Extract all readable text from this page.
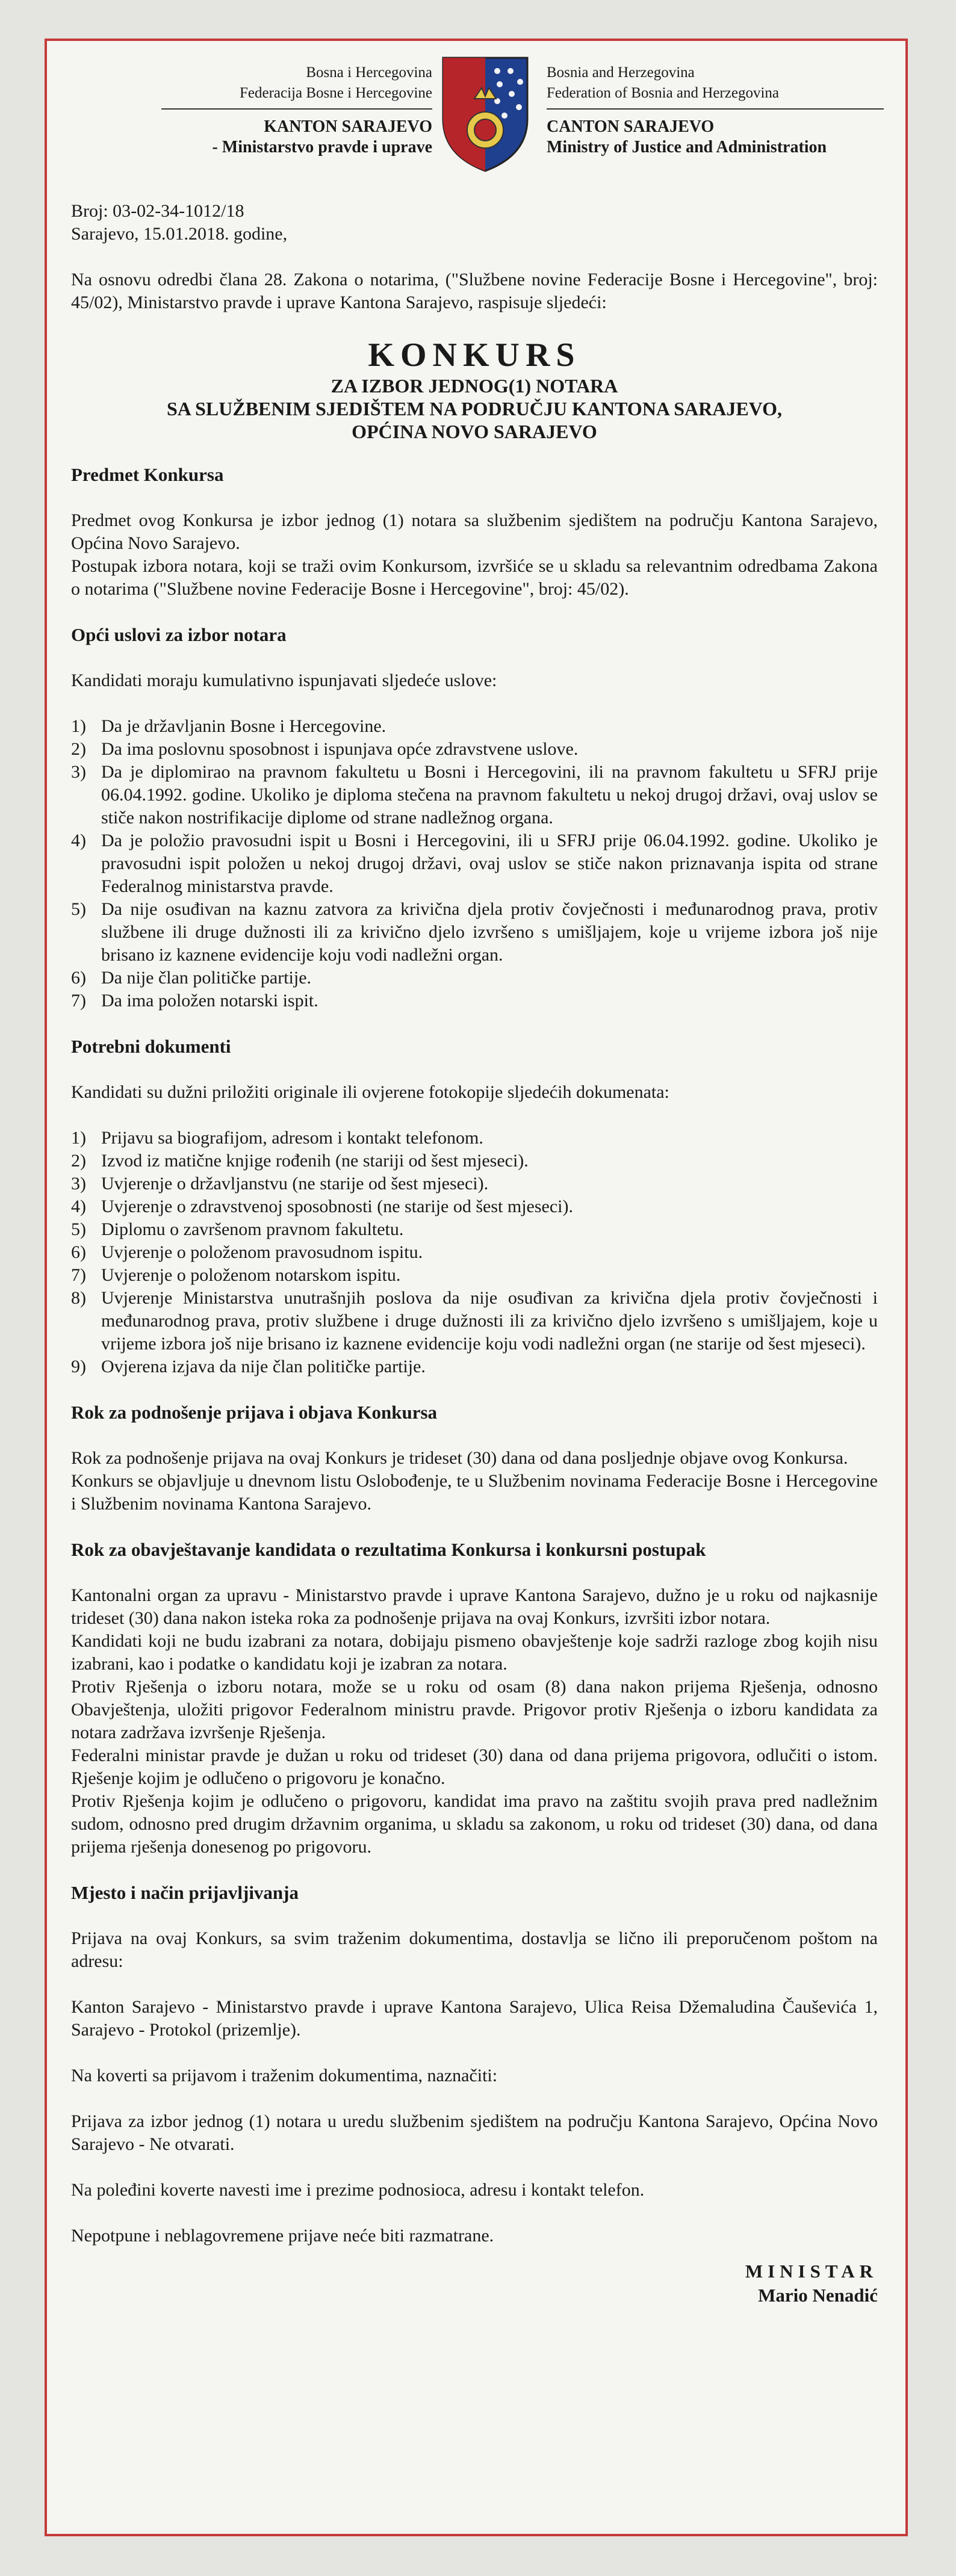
Bosna i Hercegovina
Federacija Bosne i Hercegovine
KANTON SARAJEVO
- Ministarstvo pravde i uprave
Bosnia and Herzegovina
Federation of Bosnia and Herzegovina
CANTON SARAJEVO
Ministry of Justice and Administration

Broj: 03-02-34-1012/18

Sarajevo, 15.01.2018. godine,

Na osnovu odredbi člana 28. Zakona o notarima, ("Službene novine Federacije Bosne i Hercegovine", broj: 45/02), Ministarstvo pravde i uprave Kantona Sarajevo, raspisuje sljedeći:

KONKURS
ZA IZBOR JEDNOG(1) NOTARA
SA SLUŽBENIM SJEDIŠTEM NA PODRUČJU KANTONA SARAJEVO,
OPĆINA NOVO SARAJEVO

Predmet Konkursa

Predmet ovog Konkursa je izbor jednog (1) notara sa službenim sjedištem na području Kantona Sarajevo, Općina Novo Sarajevo.

Postupak izbora notara, koji se traži ovim Konkursom, izvršiće se u skladu sa relevantnim odredbama Zakona o notarima ("Službene novine Federacije Bosne i Hercegovine", broj: 45/02).

Opći uslovi za izbor notara

Kandidati moraju kumulativno ispunjavati sljedeće uslove:

1) Da je državljanin Bosne i Hercegovine.
2) Da ima poslovnu sposobnost i ispunjava opće zdravstvene uslove.
3) Da je diplomirao na pravnom fakultetu u Bosni i Hercegovini, ili na pravnom fakultetu u SFRJ prije 06.04.1992. godine. Ukoliko je diploma stečena na pravnom fakultetu u nekoj drugoj državi, ovaj uslov se stiče nakon nostrifikacije diplome od strane nadležnog organa.
4) Da je položio pravosudni ispit u Bosni i Hercegovini, ili u SFRJ prije 06.04.1992. godine. Ukoliko je pravosudni ispit položen u nekoj drugoj državi, ovaj uslov se stiče nakon priznavanja ispita od strane Federalnog ministarstva pravde.
5) Da nije osuđivan na kaznu zatvora za krivična djela protiv čovječnosti i međunarodnog prava, protiv službene ili druge dužnosti ili za krivično djelo izvršeno s umišljajem, koje u vrijeme izbora još nije brisano iz kaznene evidencije koju vodi nadležni organ.
6) Da nije član političke partije.
7) Da ima položen notarski ispit.

Potrebni dokumenti

Kandidati su dužni priložiti originale ili ovjerene fotokopije sljedećih dokumenata:

1) Prijavu sa biografijom, adresom i kontakt telefonom.
2) Izvod iz matične knjige rođenih (ne stariji od šest mjeseci).
3) Uvjerenje o državljanstvu (ne starije od šest mjeseci).
4) Uvjerenje o zdravstvenoj sposobnosti (ne starije od šest mjeseci).
5) Diplomu o završenom pravnom fakultetu.
6) Uvjerenje o položenom pravosudnom ispitu.
7) Uvjerenje o položenom notarskom ispitu.
8) Uvjerenje Ministarstva unutrašnjih poslova da nije osuđivan za krivična djela protiv čovječnosti i međunarodnog prava, protiv službene i druge dužnosti ili za krivično djelo izvršeno s umišljajem, koje u vrijeme izbora još nije brisano iz kaznene evidencije koju vodi nadležni organ (ne starije od šest mjeseci).
9) Ovjerena izjava da nije član političke partije.

Rok za podnošenje prijava i objava Konkursa

Rok za podnošenje prijava na ovaj Konkurs je trideset (30) dana od dana posljednje objave ovog Konkursa.

Konkurs se objavljuje u dnevnom listu Oslobođenje, te u Službenim novinama Federacije Bosne i Hercegovine i Službenim novinama Kantona Sarajevo.

Rok za obavještavanje kandidata o rezultatima Konkursa i konkursni postupak

Kantonalni organ za upravu - Ministarstvo pravde i uprave Kantona Sarajevo, dužno je u roku od najkasnije trideset (30) dana nakon isteka roka za podnošenje prijava na ovaj Konkurs, izvršiti izbor notara.

Kandidati koji ne budu izabrani za notara, dobijaju pismeno obavještenje koje sadrži razloge zbog kojih nisu izabrani, kao i podatke o kandidatu koji je izabran za notara.

Protiv Rješenja o izboru notara, može se u roku od osam (8) dana nakon prijema Rješenja, odnosno Obavještenja, uložiti prigovor Federalnom ministru pravde. Prigovor protiv Rješenja o izboru kandidata za notara zadržava izvršenje Rješenja.

Federalni ministar pravde je dužan u roku od trideset (30) dana od dana prijema prigovora, odlučiti o istom. Rješenje kojim je odlučeno o prigovoru je konačno.

Protiv Rješenja kojim je odlučeno o prigovoru, kandidat ima pravo na zaštitu svojih prava pred nadležnim sudom, odnosno pred drugim državnim organima, u skladu sa zakonom, u roku od trideset (30) dana, od dana prijema rješenja donesenog po prigovoru.

Mjesto i način prijavljivanja

Prijava na ovaj Konkurs, sa svim traženim dokumentima, dostavlja se lično ili preporučenom poštom na adresu:

Kanton Sarajevo - Ministarstvo pravde i uprave Kantona Sarajevo, Ulica Reisa Džemaludina Čauševića 1, Sarajevo - Protokol (prizemlje).

Na koverti sa prijavom i traženim dokumentima, naznačiti:

Prijava za izbor jednog (1) notara u uredu službenim sjedištem na području Kantona Sarajevo, Općina Novo Sarajevo - Ne otvarati.

Na poleđini koverte navesti ime i prezime podnosioca, adresu i kontakt telefon.

Nepotpune i neblagovremene prijave neće biti razmatrane.

MINISTAR
Mario Nenadić
